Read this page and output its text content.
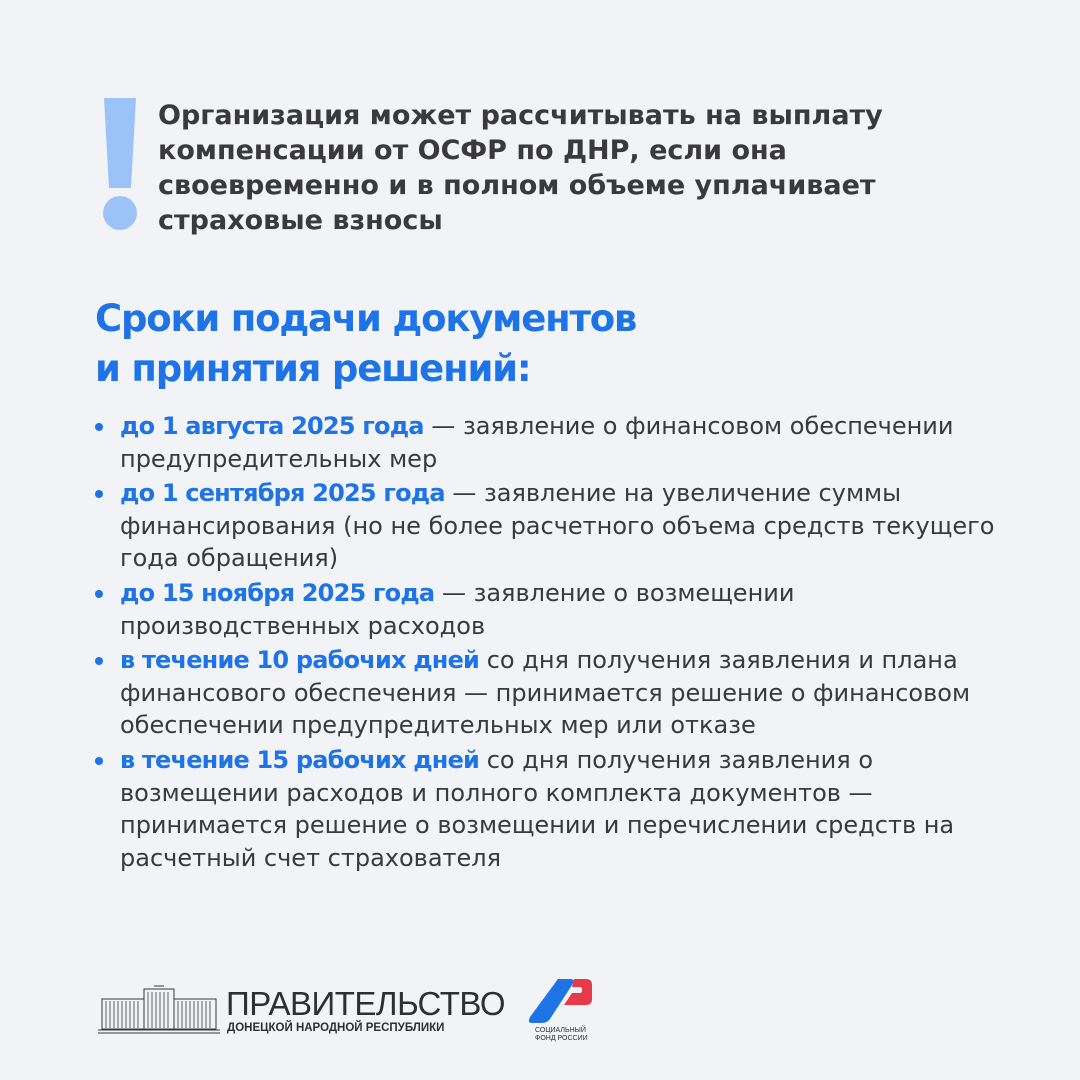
Организация может рассчитывать на выплату компенсации от ОСФР по ДНР, если она своевременно и в полном объеме уплачивает страховые взносы

Сроки подачи документов
и принятия решений:
до 1 августа 2025 года — заявление о финансовом обеспечении предупредительных мер
до 1 сентября 2025 года — заявление на увеличение суммы финансирования (но не более расчетного объема средств текущего года обращения)
до 15 ноября 2025 года — заявление о возмещении производственных расходов
в течение 10 рабочих дней со дня получения заявления и плана финансового обеспечения — принимается решение о финансовом обеспечении предупредительных мер или отказе
в течение 15 рабочих дней со дня получения заявления о возмещении расходов и полного комплекта документов — принимается решение о возмещении и перечислении средств на расчетный счет страхователя
ПРАВИТЕЛЬСТВО
ДОНЕЦКОЙ НАРОДНОЙ РЕСПУБЛИКИ	СОЦИАЛЬНЫЙ
ФОНД РОССИИ
